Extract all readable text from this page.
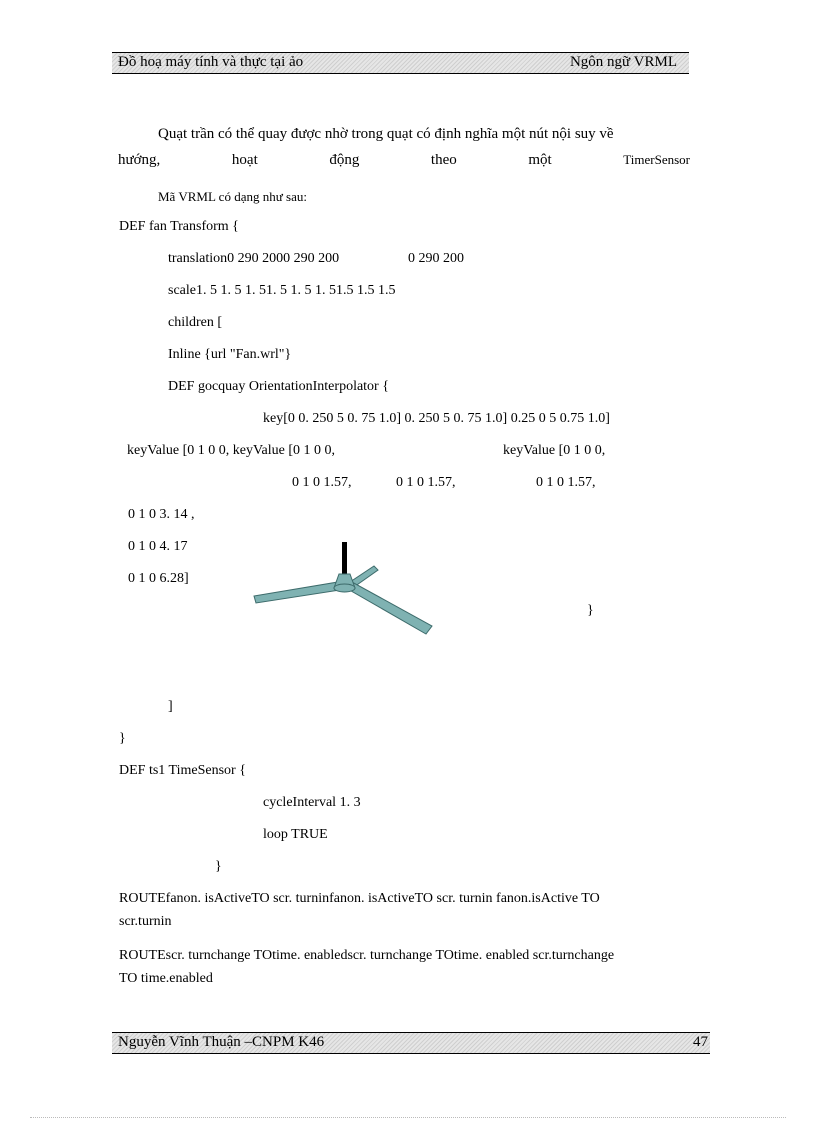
Đồ hoạ máy tính và thực tại ảo	Ngôn ngữ VRML
Quạt trần có thể quay được nhờ trong quạt có định nghĩa một nút nội suy về
hướng,	hoạt	động	theo	một	TimerSensor
Mã VRML có dạng như sau:
DEF fan Transform {
translation0 290 2000 290 200	0 290 200
scale1. 5 1. 5 1. 51. 5 1. 5 1. 51.5 1.5 1.5
children [
Inline {url "Fan.wrl"}
DEF gocquay OrientationInterpolator {
key[0 0. 250 5 0. 75 1.0] 0. 250 5 0. 75 1.0] 0.25 0 5 0.75 1.0]
keyValue [0 1 0 0, keyValue [0 1 0 0,	keyValue [0 1 0 0,
0 1 0 1.57,	0 1 0 1.57,	0 1 0 1.57,
0 1 0 3. 14 ,
0 1 0 4. 17
0 1 0 6.28]
}
]
}
DEF ts1 TimeSensor {
cycleInterval 1. 3
loop TRUE
}
ROUTEfanon. isActiveTO scr. turninfanon. isActiveTO scr. turnin fanon.isActive TO
scr.turnin
ROUTEscr. turnchange TOtime. enabledscr. turnchange TOtime. enabled scr.turnchange
TO time.enabled
Nguyễn Vĩnh Thuận –CNPM K46	47
